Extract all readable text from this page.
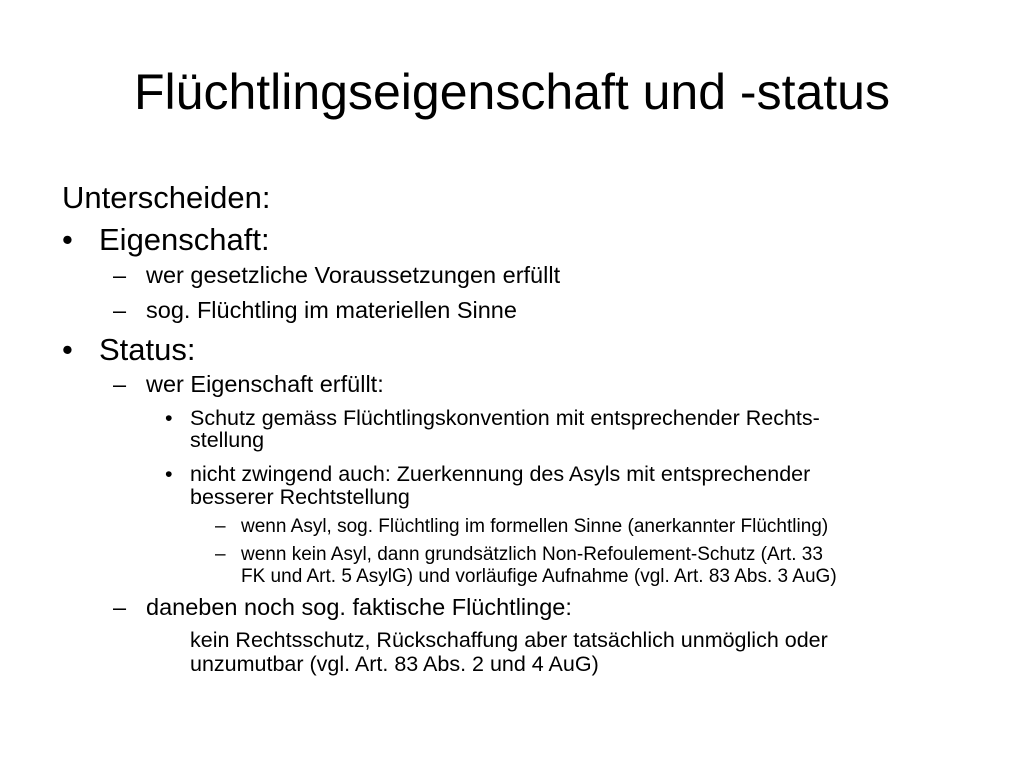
Flüchtlingseigenschaft und -status
Unterscheiden:
• Eigenschaft:
– wer gesetzliche Voraussetzungen erfüllt
– sog. Flüchtling im materiellen Sinne
• Status:
– wer Eigenschaft erfüllt:
• Schutz gemäss Flüchtlingskonvention mit entsprechender Rechts-
stellung
• nicht zwingend auch: Zuerkennung des Asyls mit entsprechender
besserer Rechtstellung
– wenn Asyl, sog. Flüchtling im formellen Sinne (anerkannter Flüchtling)
– wenn kein Asyl, dann grundsätzlich Non-Refoulement-Schutz (Art. 33
FK und Art. 5 AsylG) und vorläufige Aufnahme (vgl. Art. 83 Abs. 3 AuG)
– daneben noch sog. faktische Flüchtlinge:
kein Rechtsschutz, Rückschaffung aber tatsächlich unmöglich oder
unzumutbar (vgl. Art. 83 Abs. 2 und 4 AuG)
